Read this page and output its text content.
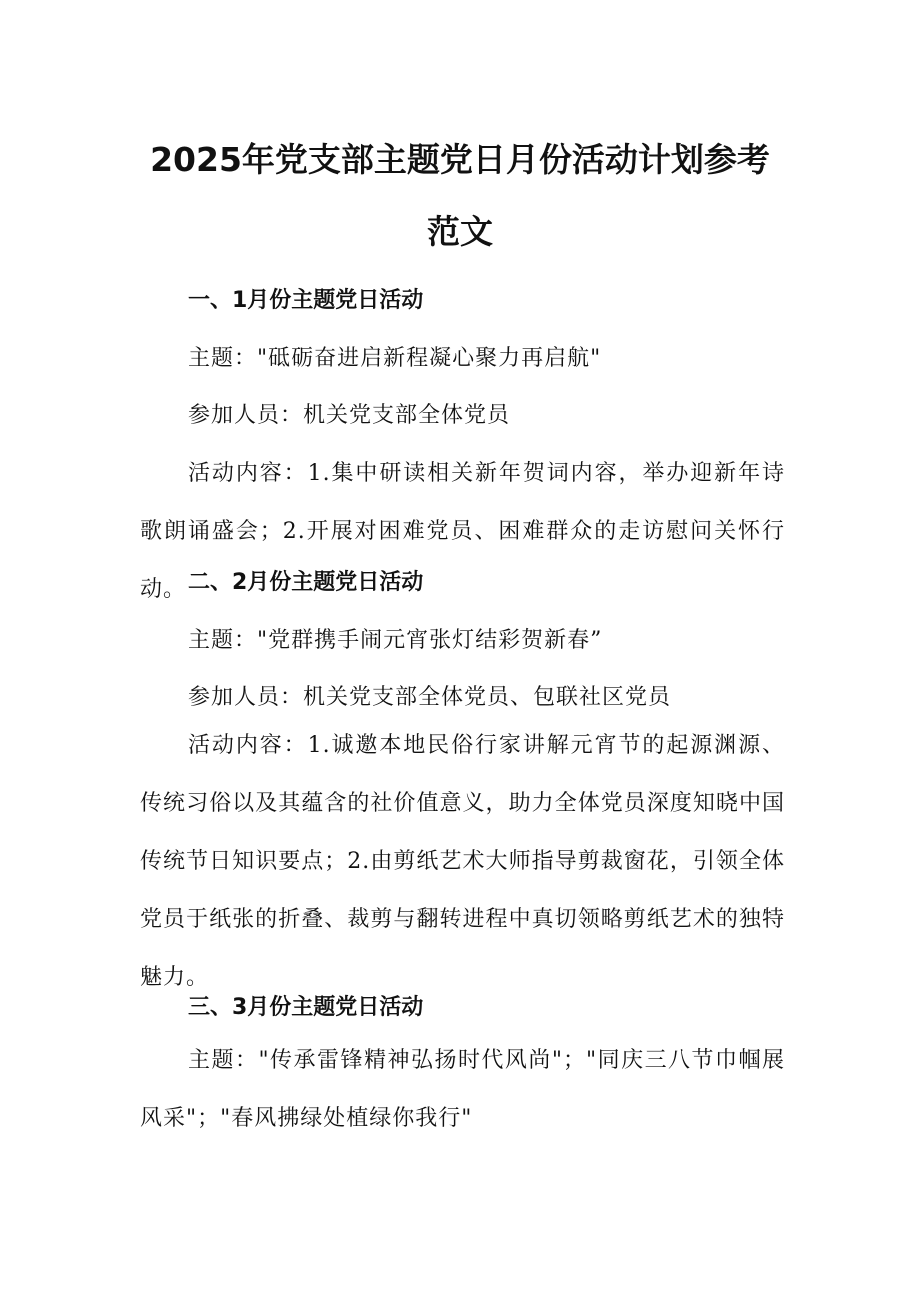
2025年党支部主题党日月份活动计划参考范文
一、1月份主题党日活动
主题："砥砺奋进启新程凝心聚力再启航"
参加人员：机关党支部全体党员
活动内容：1.集中研读相关新年贺词内容，举办迎新年诗歌朗诵盛会；2.开展对困难党员、困难群众的走访慰问关怀行动。 二、2月份主题党日活动
主题："党群携手闹元宵张灯结彩贺新春”
参加人员：机关党支部全体党员、包联社区党员
活动内容：1.诚邀本地民俗行家讲解元宵节的起源渊源、传统习俗以及其蕴含的社价值意义，助力全体党员深度知晓中国传统节日知识要点；2.由剪纸艺术大师指导剪裁窗花，引领全体党员于纸张的折叠、裁剪与翻转进程中真切领略剪纸艺术的独特魅力。
三、3月份主题党日活动
主题："传承雷锋精神弘扬时代风尚"；"同庆三八节巾帼展风采"；"春风拂绿处植绿你我行"
